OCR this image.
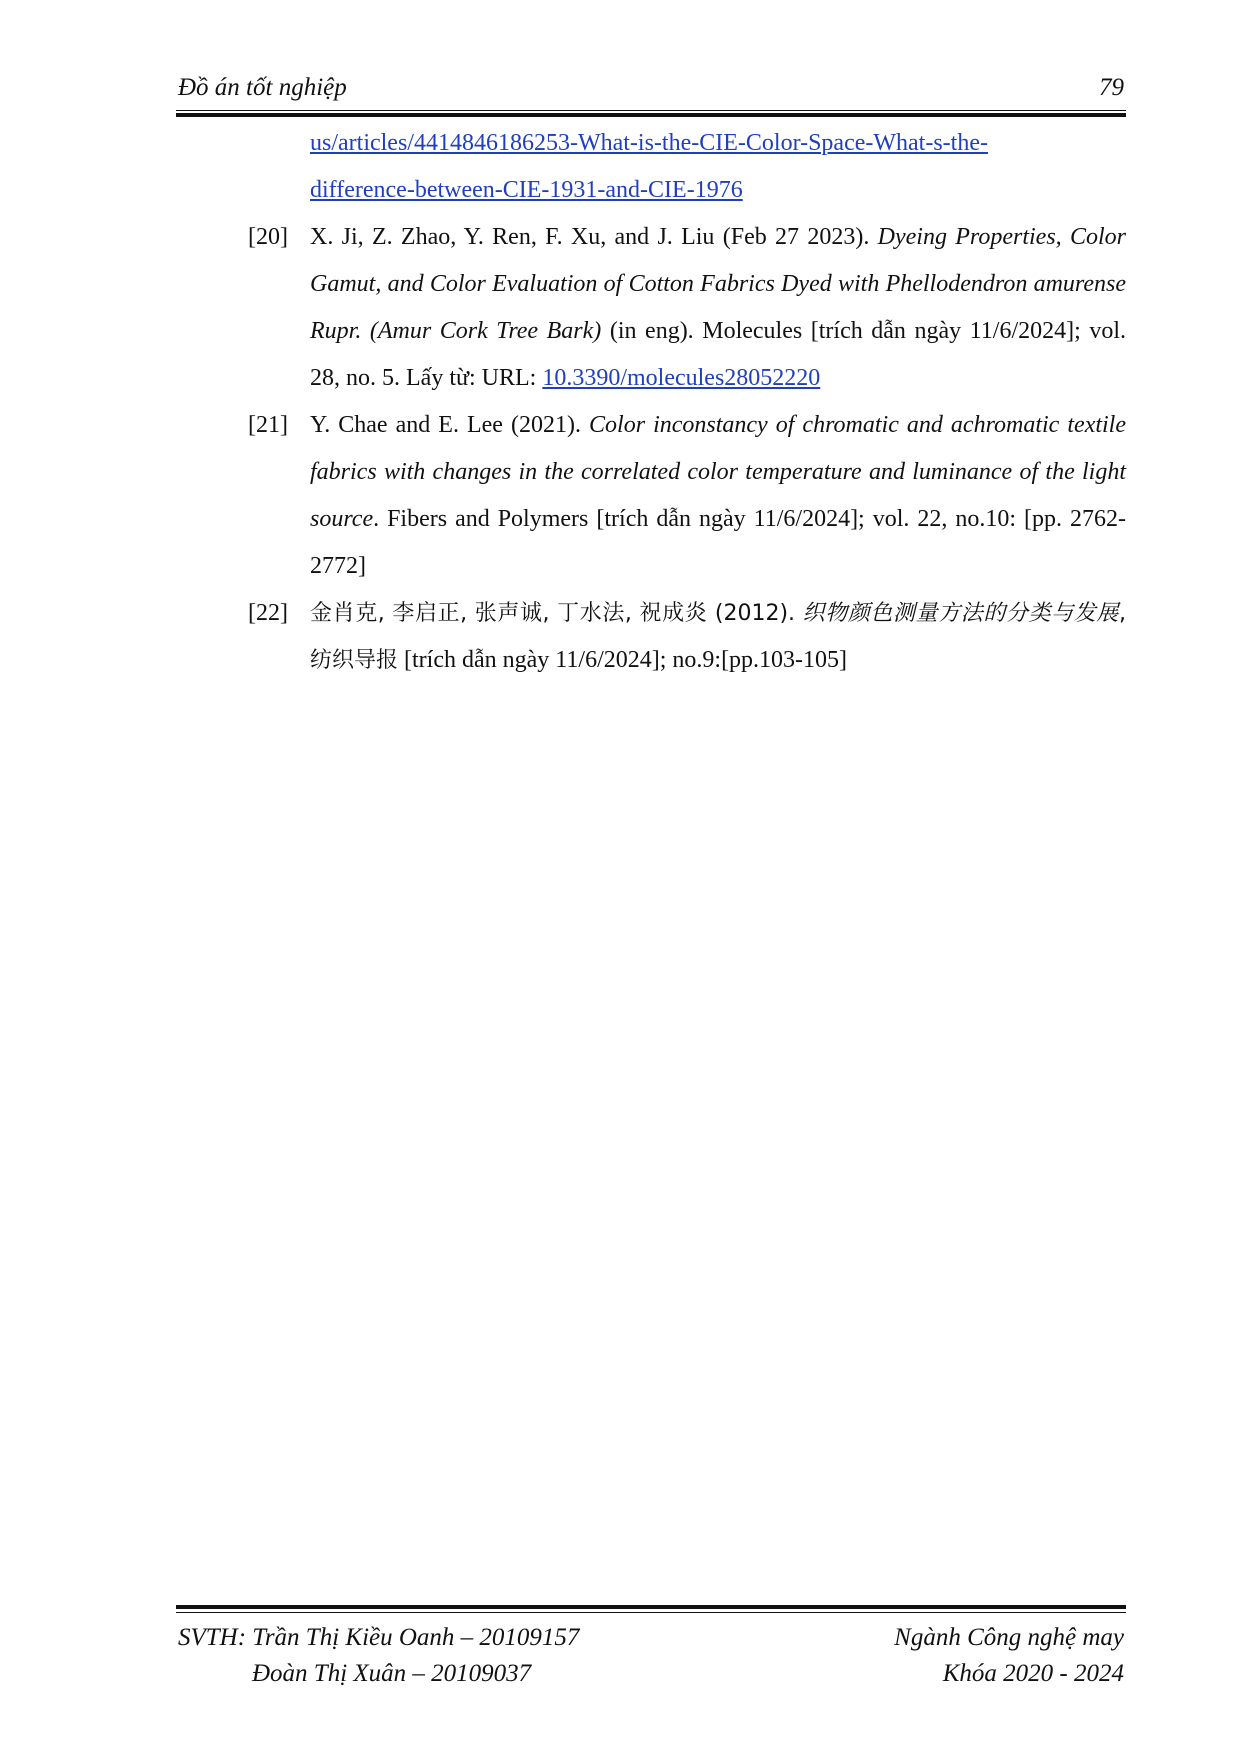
Đồ án tốt nghiệp	79
us/articles/4414846186253-What-is-the-CIE-Color-Space-What-s-the-
difference-between-CIE-1931-and-CIE-1976
[20] X. Ji, Z. Zhao, Y. Ren, F. Xu, and J. Liu (Feb 27 2023). Dyeing Properties, Color Gamut, and Color Evaluation of Cotton Fabrics Dyed with Phellodendron amurense Rupr. (Amur Cork Tree Bark) (in eng). Molecules [trích dẫn ngày 11/6/2024]; vol. 28, no. 5. Lấy từ: URL: 10.3390/molecules28052220
[21] Y. Chae and E. Lee (2021). Color inconstancy of chromatic and achromatic textile fabrics with changes in the correlated color temperature and luminance of the light source. Fibers and Polymers [trích dẫn ngày 11/6/2024]; vol. 22, no.10: [pp. 2762-2772]
[22] 金肖克, 李启正, 张声诚, 丁水法, 祝成炎 (2012). 织物颜色测量方法的分类与发展, 纺织导报 [trích dẫn ngày 11/6/2024]; no.9:[pp.103-105]
SVTH: Trần Thị Kiều Oanh – 20109157
Đoàn Thị Xuân – 20109037
Ngành Công nghệ may
Khóa 2020 - 2024
